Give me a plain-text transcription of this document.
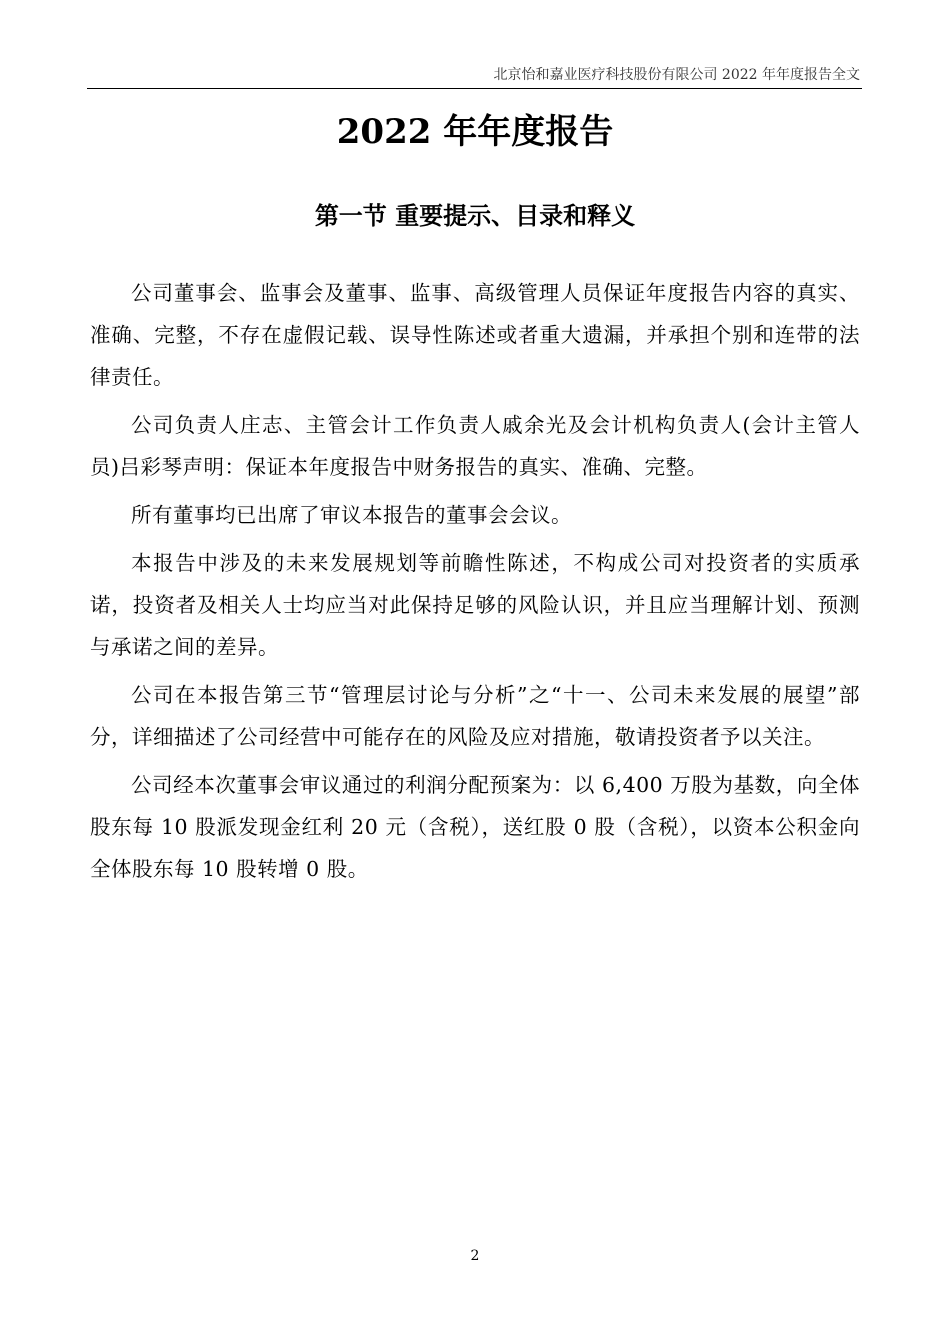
北京怡和嘉业医疗科技股份有限公司 2022 年年度报告全文
2022 年年度报告
第一节 重要提示、目录和释义

公司董事会、监事会及董事、监事、高级管理人员保证年度报告内容的真实、准确、完整，不存在虚假记载、误导性陈述或者重大遗漏，并承担个别和连带的法律责任。

公司负责人庄志、主管会计工作负责人戚余光及会计机构负责人(会计主管人员)吕彩琴声明：保证本年度报告中财务报告的真实、准确、完整。

所有董事均已出席了审议本报告的董事会会议。

本报告中涉及的未来发展规划等前瞻性陈述，不构成公司对投资者的实质承诺，投资者及相关人士均应当对此保持足够的风险认识，并且应当理解计划、预测与承诺之间的差异。

公司在本报告第三节“管理层讨论与分析”之“十一、公司未来发展的展望”部分，详细描述了公司经营中可能存在的风险及应对措施，敬请投资者予以关注。

公司经本次董事会审议通过的利润分配预案为：以 6,400 万股为基数，向全体股东每 10 股派发现金红利 20 元（含税），送红股 0 股（含税），以资本公积金向全体股东每 10 股转增 0 股。

2
